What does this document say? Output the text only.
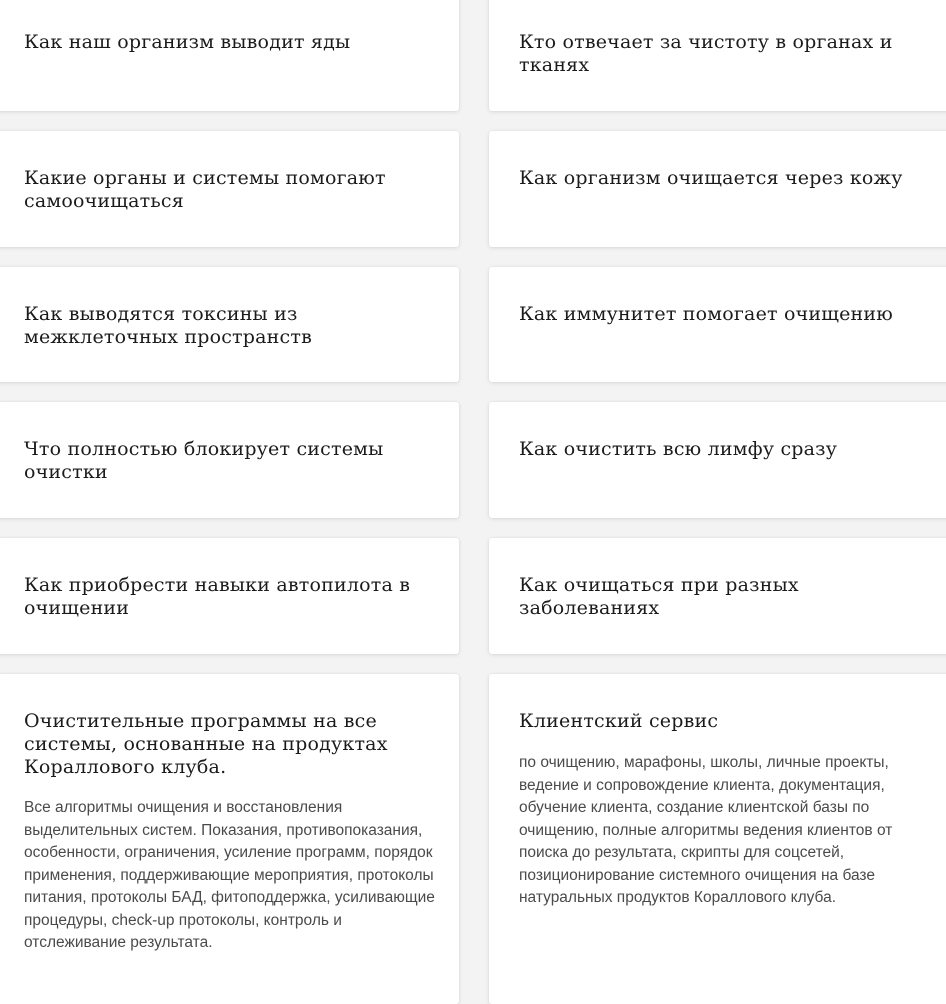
Как наш организм выводит яды	Кто отвечает за чистоту в органах и тканях
Какие органы и системы помогают самоочищаться
Как организм очищается через кожу
Как выводятся токсины из межклеточных пространств
Как иммунитет помогает очищению
Что полностью блокирует системы очистки
Как очистить всю лимфу сразу
Как приобрести навыки автопилота в очищении
Как очищаться при разных заболеваниях
Очистительные программы на все системы, основанные на продуктах Кораллового клуба.
Все алгоритмы очищения и восстановления выделительных систем. Показания, противопоказания, особенности, ограничения, усиление программ, порядок применения, поддерживающие мероприятия, протоколы питания, протоколы БАД, фитоподдержка, усиливающие процедуры, check-up протоколы, контроль и отслеживание результата.
Клиентский сервис
по очищению, марафоны, школы, личные проекты, ведение и сопровождение клиента, документация, обучение клиента, создание клиентской базы по очищению, полные алгоритмы ведения клиентов от поиска до результата, скрипты для соцсетей, позиционирование системного очищения на базе натуральных продуктов Кораллового клуба.
